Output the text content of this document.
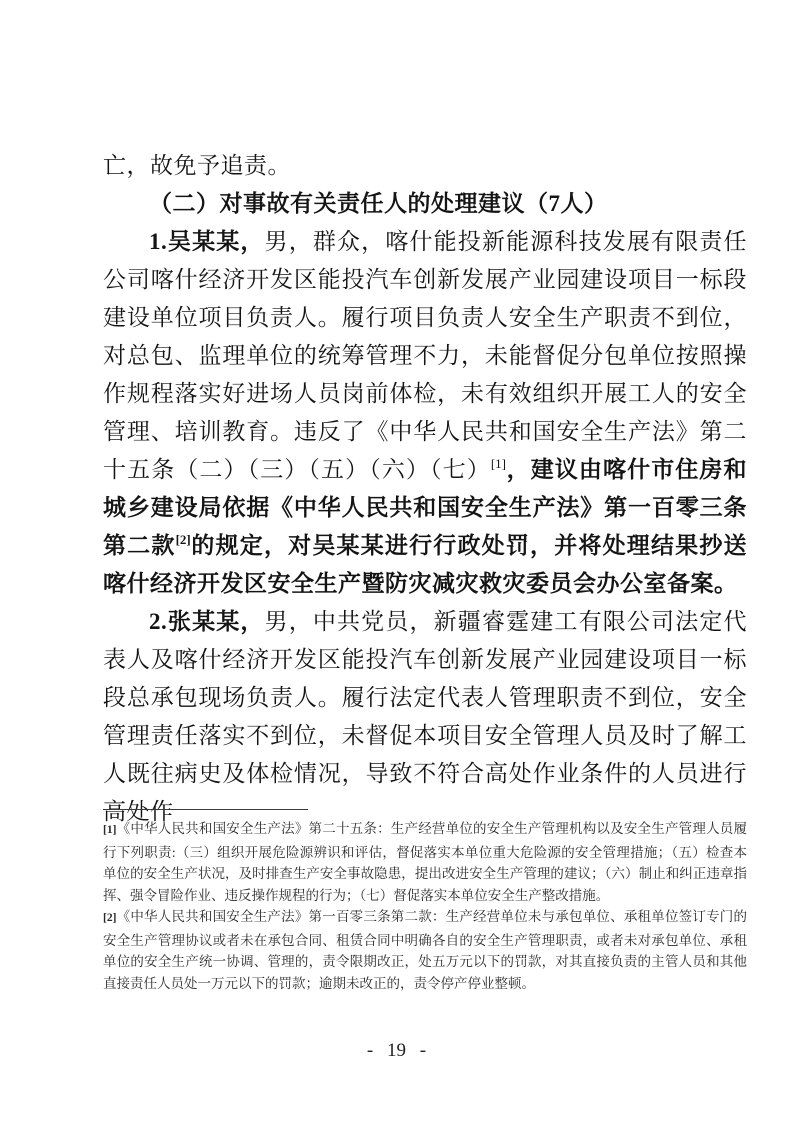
亡，故免予追责。

（二）对事故有关责任人的处理建议（7人）

1.吴某某，男，群众，喀什能投新能源科技发展有限责任公司喀什经济开发区能投汽车创新发展产业园建设项目一标段建设单位项目负责人。履行项目负责人安全生产职责不到位，对总包、监理单位的统筹管理不力，未能督促分包单位按照操作规程落实好进场人员岗前体检，未有效组织开展工人的安全管理、培训教育。违反了《中华人民共和国安全生产法》第二十五条（二）（三）（五）（六）（七）[1]，建议由喀什市住房和城乡建设局依据《中华人民共和国安全生产法》第一百零三条第二款[2]的规定，对吴某某进行行政处罚，并将处理结果抄送喀什经济开发区安全生产暨防灾减灾救灾委员会办公室备案。

2.张某某，男，中共党员，新疆睿霆建工有限公司法定代表人及喀什经济开发区能投汽车创新发展产业园建设项目一标段总承包现场负责人。履行法定代表人管理职责不到位，安全管理责任落实不到位，未督促本项目安全管理人员及时了解工人既往病史及体检情况，导致不符合高处作业条件的人员进行高处作

[1]《中华人民共和国安全生产法》第二十五条：生产经营单位的安全生产管理机构以及安全生产管理人员履行下列职责:（三）组织开展危险源辨识和评估，督促落实本单位重大危险源的安全管理措施；（五）检查本单位的安全生产状况，及时排查生产安全事故隐患，提出改进安全生产管理的建议；（六）制止和纠正违章指挥、强令冒险作业、违反操作规程的行为；（七）督促落实本单位安全生产整改措施。

[2]《中华人民共和国安全生产法》第一百零三条第二款：生产经营单位未与承包单位、承租单位签订专门的安全生产管理协议或者未在承包合同、租赁合同中明确各自的安全生产管理职责，或者未对承包单位、承租单位的安全生产统一协调、管理的，责令限期改正，处五万元以下的罚款，对其直接负责的主管人员和其他直接责任人员处一万元以下的罚款；逾期未改正的，责令停产停业整顿。

- 19 -
